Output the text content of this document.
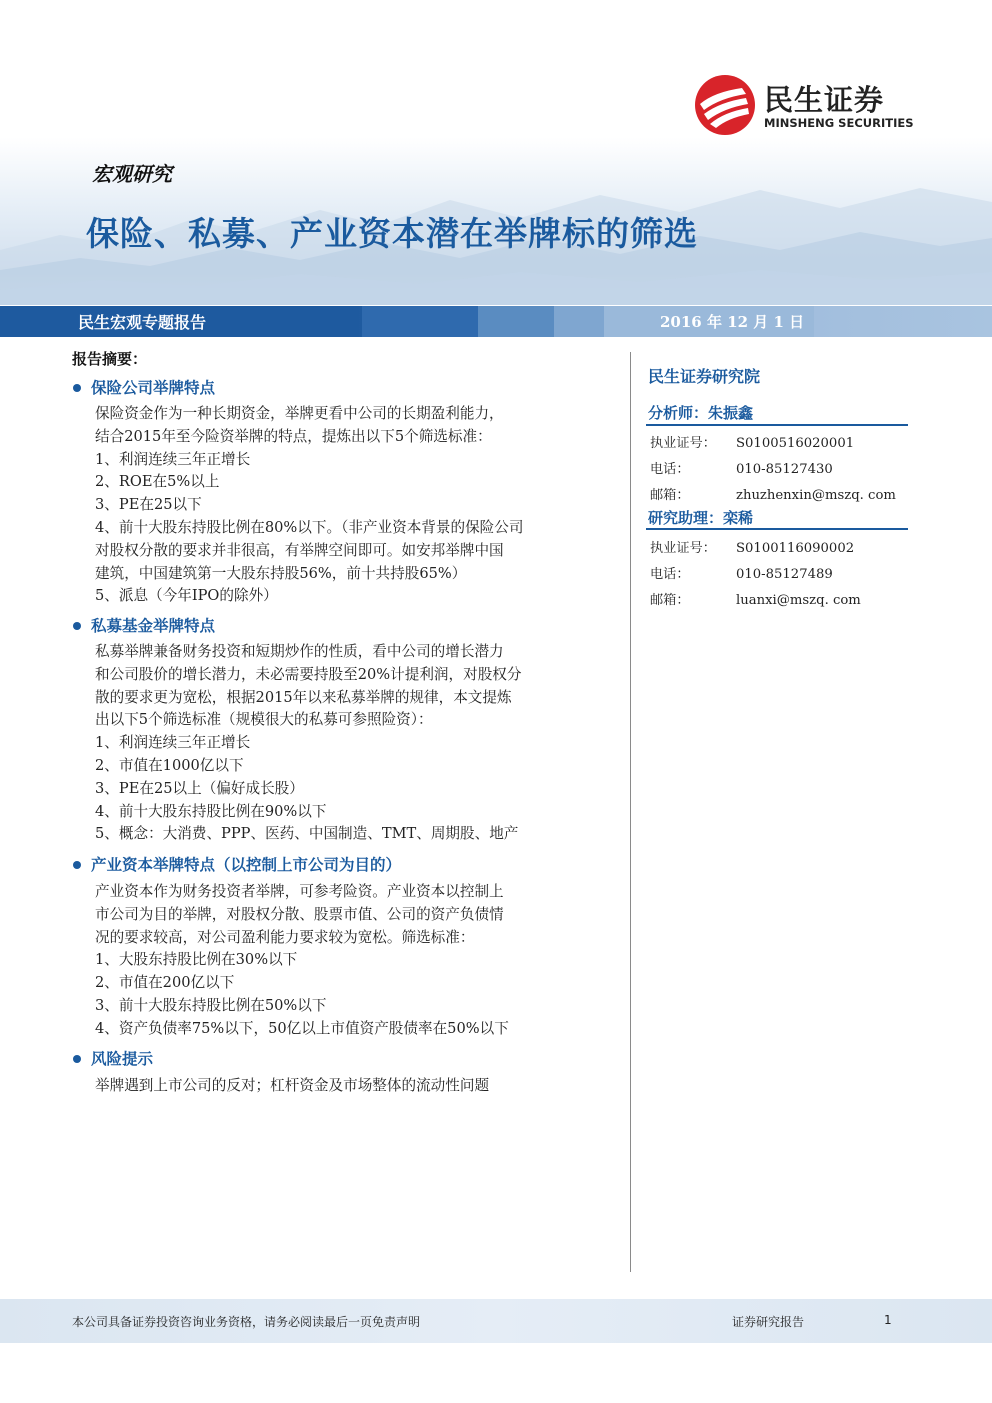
民生证券
MINSHENG SECURITIES
宏观研究
保险、私募、产业资本潜在举牌标的筛选
民生宏观专题报告	2016 年 12 月 1 日
报告摘要：
保险公司举牌特点
保险资金作为一种长期资金，举牌更看中公司的长期盈利能力，
结合2015年至今险资举牌的特点，提炼出以下5个筛选标准：
1、利润连续三年正增长
2、ROE在5%以上
3、PE在25以下
4、前十大股东持股比例在80%以下。（非产业资本背景的保险公司
对股权分散的要求并非很高，有举牌空间即可。如安邦举牌中国
建筑，中国建筑第一大股东持股56%，前十共持股65%）
5、派息（今年IPO的除外）
私募基金举牌特点
私募举牌兼备财务投资和短期炒作的性质，看中公司的增长潜力
和公司股价的增长潜力，未必需要持股至20%计提利润，对股权分
散的要求更为宽松，根据2015年以来私募举牌的规律，本文提炼
出以下5个筛选标准（规模很大的私募可参照险资）：
1、利润连续三年正增长
2、市值在1000亿以下
3、PE在25以上（偏好成长股）
4、前十大股东持股比例在90%以下
5、概念：大消费、PPP、医药、中国制造、TMT、周期股、地产
产业资本举牌特点（以控制上市公司为目的）
产业资本作为财务投资者举牌，可参考险资。产业资本以控制上
市公司为目的举牌，对股权分散、股票市值、公司的资产负债情
况的要求较高，对公司盈利能力要求较为宽松。筛选标准：
1、大股东持股比例在30%以下
2、市值在200亿以下
3、前十大股东持股比例在50%以下
4、资产负债率75%以下，50亿以上市值资产股债率在50%以下
风险提示
举牌遇到上市公司的反对；杠杆资金及市场整体的流动性问题
民生证券研究院
分析师：朱振鑫
执业证号： S0100516020001
电话：	010-85127430
邮箱：	zhuzhenxin@mszq. com
研究助理：栾稀
执业证号： S0100116090002
电话：	010-85127489
邮箱：	luanxi@mszq. com
本公司具备证券投资咨询业务资格，请务必阅读最后一页免责声明	证券研究报告	1
